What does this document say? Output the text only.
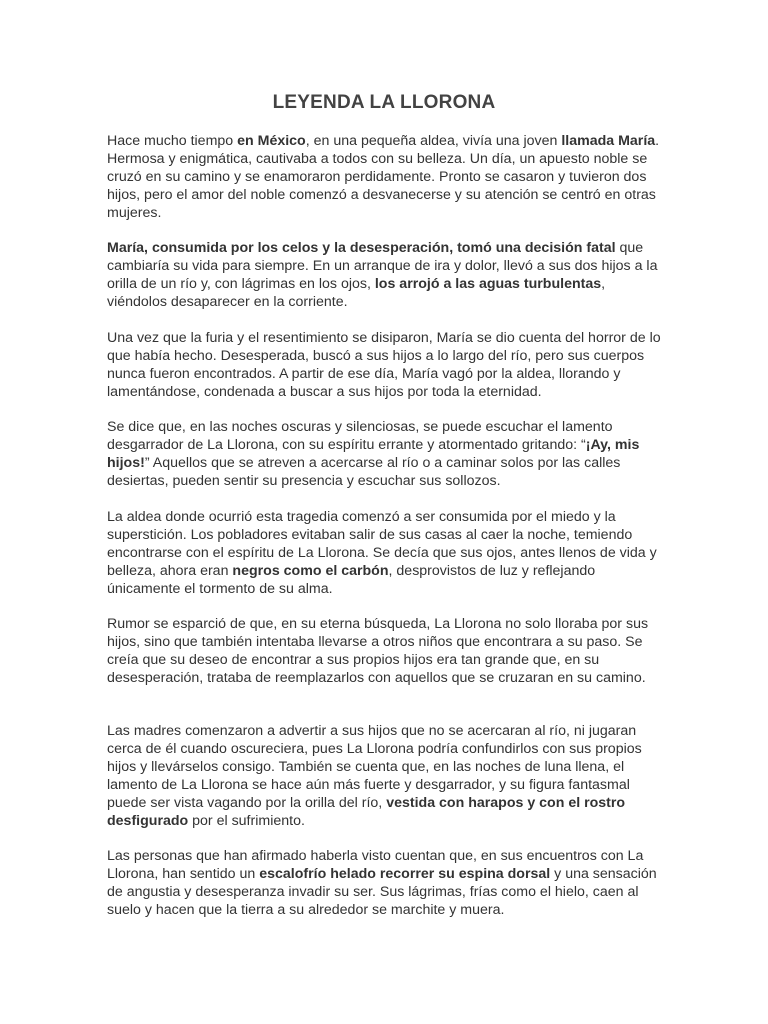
LEYENDA LA LLORONA

Hace mucho tiempo en México, en una pequeña aldea, vivía una joven llamada María. Hermosa y enigmática, cautivaba a todos con su belleza. Un día, un apuesto noble se cruzó en su camino y se enamoraron perdidamente. Pronto se casaron y tuvieron dos hijos, pero el amor del noble comenzó a desvanecerse y su atención se centró en otras mujeres.

María, consumida por los celos y la desesperación, tomó una decisión fatal que cambiaría su vida para siempre. En un arranque de ira y dolor, llevó a sus dos hijos a la orilla de un río y, con lágrimas en los ojos, los arrojó a las aguas turbulentas, viéndolos desaparecer en la corriente.

Una vez que la furia y el resentimiento se disiparon, María se dio cuenta del horror de lo que había hecho. Desesperada, buscó a sus hijos a lo largo del río, pero sus cuerpos nunca fueron encontrados. A partir de ese día, María vagó por la aldea, llorando y lamentándose, condenada a buscar a sus hijos por toda la eternidad.

Se dice que, en las noches oscuras y silenciosas, se puede escuchar el lamento desgarrador de La Llorona, con su espíritu errante y atormentado gritando: “¡Ay, mis hijos!” Aquellos que se atreven a acercarse al río o a caminar solos por las calles desiertas, pueden sentir su presencia y escuchar sus sollozos.

La aldea donde ocurrió esta tragedia comenzó a ser consumida por el miedo y la superstición. Los pobladores evitaban salir de sus casas al caer la noche, temiendo encontrarse con el espíritu de La Llorona. Se decía que sus ojos, antes llenos de vida y belleza, ahora eran negros como el carbón, desprovistos de luz y reflejando únicamente el tormento de su alma.

Rumor se esparció de que, en su eterna búsqueda, La Llorona no solo lloraba por sus hijos, sino que también intentaba llevarse a otros niños que encontrara a su paso. Se creía que su deseo de encontrar a sus propios hijos era tan grande que, en su desesperación, trataba de reemplazarlos con aquellos que se cruzaran en su camino.

Las madres comenzaron a advertir a sus hijos que no se acercaran al río, ni jugaran cerca de él cuando oscureciera, pues La Llorona podría confundirlos con sus propios hijos y llevárselos consigo. También se cuenta que, en las noches de luna llena, el lamento de La Llorona se hace aún más fuerte y desgarrador, y su figura fantasmal puede ser vista vagando por la orilla del río, vestida con harapos y con el rostro desfigurado por el sufrimiento.

Las personas que han afirmado haberla visto cuentan que, en sus encuentros con La Llorona, han sentido un escalofrío helado recorrer su espina dorsal y una sensación de angustia y desesperanza invadir su ser. Sus lágrimas, frías como el hielo, caen al suelo y hacen que la tierra a su alrededor se marchite y muera.
